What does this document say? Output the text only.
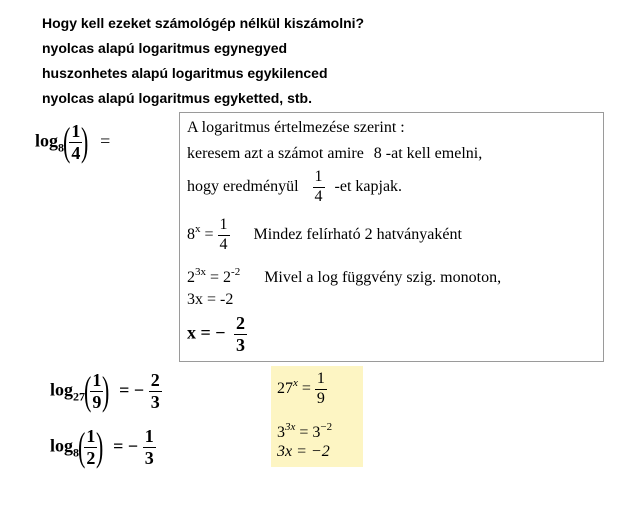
Hogy kell ezeket számológép nélkül kiszámolni?
nyolcas alapú logaritmus egynegyed
huszonhetes alapú logaritmus egykilenced
nyolcas alapú logaritmus egyketted, stb.
$\log_8$(
$\frac{1}{4}$
) =
A logaritmus értelmezése szerint :
keresem azt a számot amire 8 -at kell emelni,
hogy eredményül $\frac{1}{4} -et$ kapjak.
$8^x = \frac{1}{4}$ Mindez felírható 2 hatványaként
$2^{3x} = 2^{-2}$ Mivel a log függvény szig. monoton,
3x = -2
x = − $\frac{2}{3}$
$\log_{27}$(
$\frac{1}{9}$
) = − $\frac{2}{3}$
$\log_8$(
$\frac{1}{2}$
) = − $\frac{1}{3}$
$27^x = \frac{1}{9}$
$3^{3x} = 3^{-2}$
3x = −2
